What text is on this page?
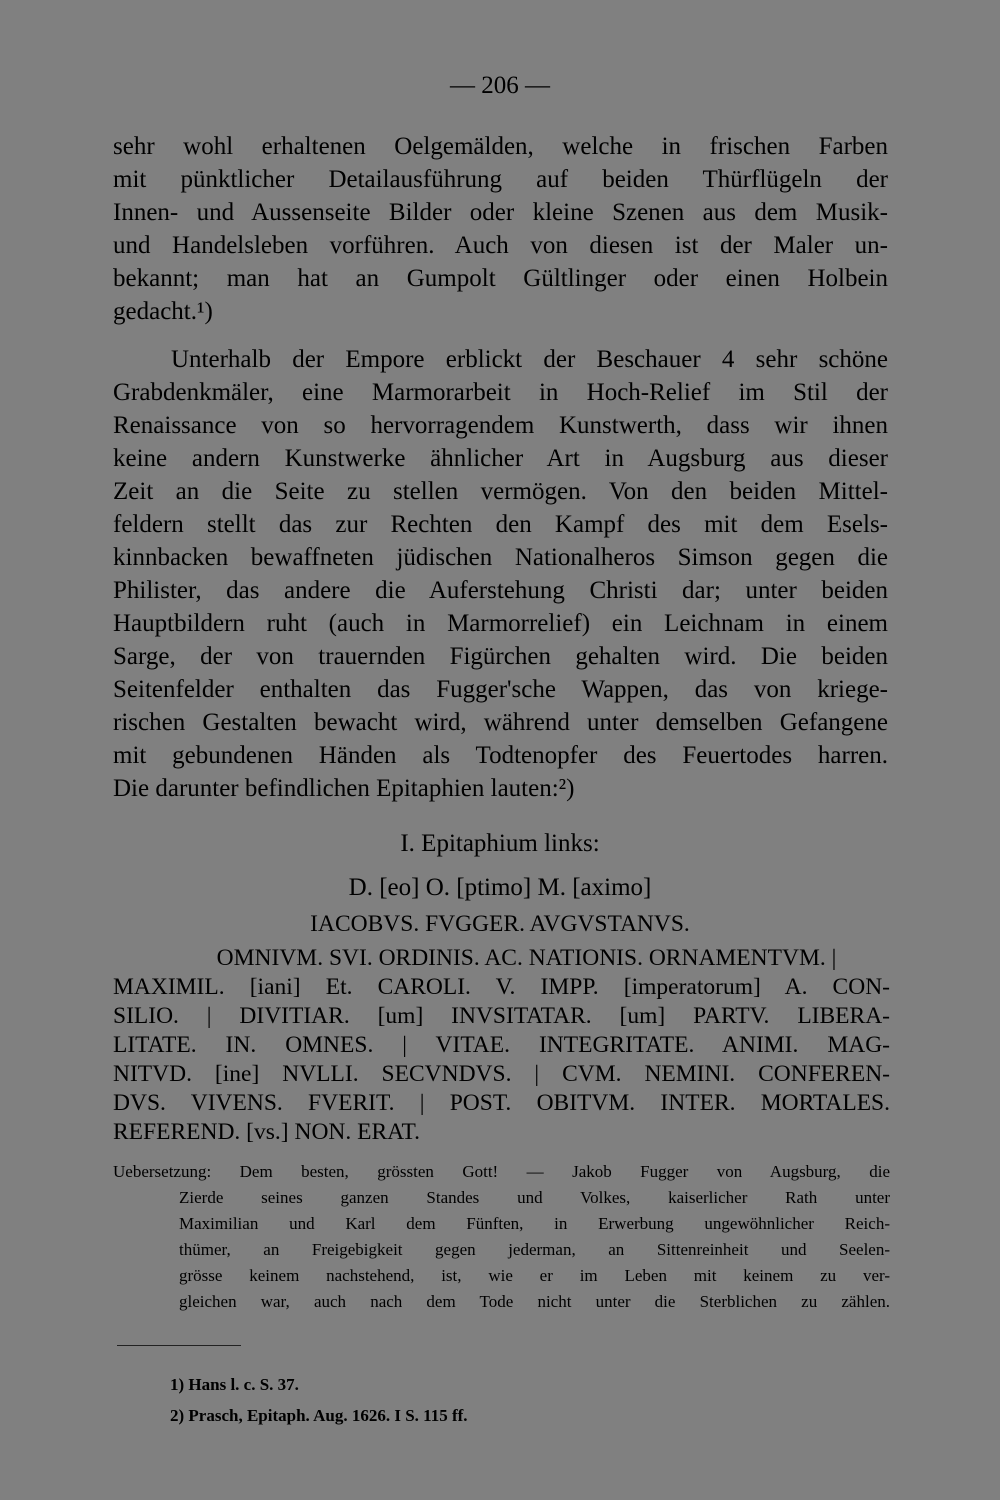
— 206 —
sehr wohl erhaltenen Oelgemälden, welche in frischen Farben
mit pünktlicher Detailausführung auf beiden Thürflügeln der
Innen- und Aussenseite Bilder oder kleine Szenen aus dem Musik-
und Handelsleben vorführen. Auch von diesen ist der Maler un-
bekannt; man hat an Gumpolt Gültlinger oder einen Holbein
gedacht.¹)
Unterhalb der Empore erblickt der Beschauer 4 sehr schöne
Grabdenkmäler, eine Marmorarbeit in Hoch-Relief im Stil der
Renaissance von so hervorragendem Kunstwerth, dass wir ihnen
keine andern Kunstwerke ähnlicher Art in Augsburg aus dieser
Zeit an die Seite zu stellen vermögen. Von den beiden Mittel-
feldern stellt das zur Rechten den Kampf des mit dem Esels-
kinnbacken bewaffneten jüdischen Nationalheros Simson gegen die
Philister, das andere die Auferstehung Christi dar; unter beiden
Hauptbildern ruht (auch in Marmorrelief) ein Leichnam in einem
Sarge, der von trauernden Figürchen gehalten wird. Die beiden
Seitenfelder enthalten das Fugger'sche Wappen, das von kriege-
rischen Gestalten bewacht wird, während unter demselben Gefangene
mit gebundenen Händen als Todtenopfer des Feuertodes harren.
Die darunter befindlichen Epitaphien lauten:²)
I. Epitaphium links:
D. [eo] O. [ptimo] M. [aximo]
IACOBVS. FVGGER. AVGVSTANVS.
OMNIVM. SVI. ORDINIS. AC. NATIONIS. ORNAMENTVM. |
MAXIMIL. [iani] Et. CAROLI. V. IMPP. [imperatorum] A. CON-
SILIO. | DIVITIAR. [um] INVSITATAR. [um] PARTV. LIBERA-
LITATE. IN. OMNES. | VITAE. INTEGRITATE. ANIMI. MAG-
NITVD. [ine] NVLLI. SECVNDVS. | CVM. NEMINI. CONFEREN-
DVS. VIVENS. FVERIT. | POST. OBITVM. INTER. MORTALES.
REFEREND. [vs.] NON. ERAT.
Uebersetzung: Dem besten, grössten Gott! — Jakob Fugger von Augsburg, die
Zierde seines ganzen Standes und Volkes, kaiserlicher Rath unter
Maximilian und Karl dem Fünften, in Erwerbung ungewöhnlicher Reich-
thümer, an Freigebigkeit gegen jederman, an Sittenreinheit und Seelen-
grösse keinem nachstehend, ist, wie er im Leben mit keinem zu ver-
gleichen war, auch nach dem Tode nicht unter die Sterblichen zu zählen.
1) Hans l. c. S. 37.
2) Prasch, Epitaph. Aug. 1626. I S. 115 ff.
